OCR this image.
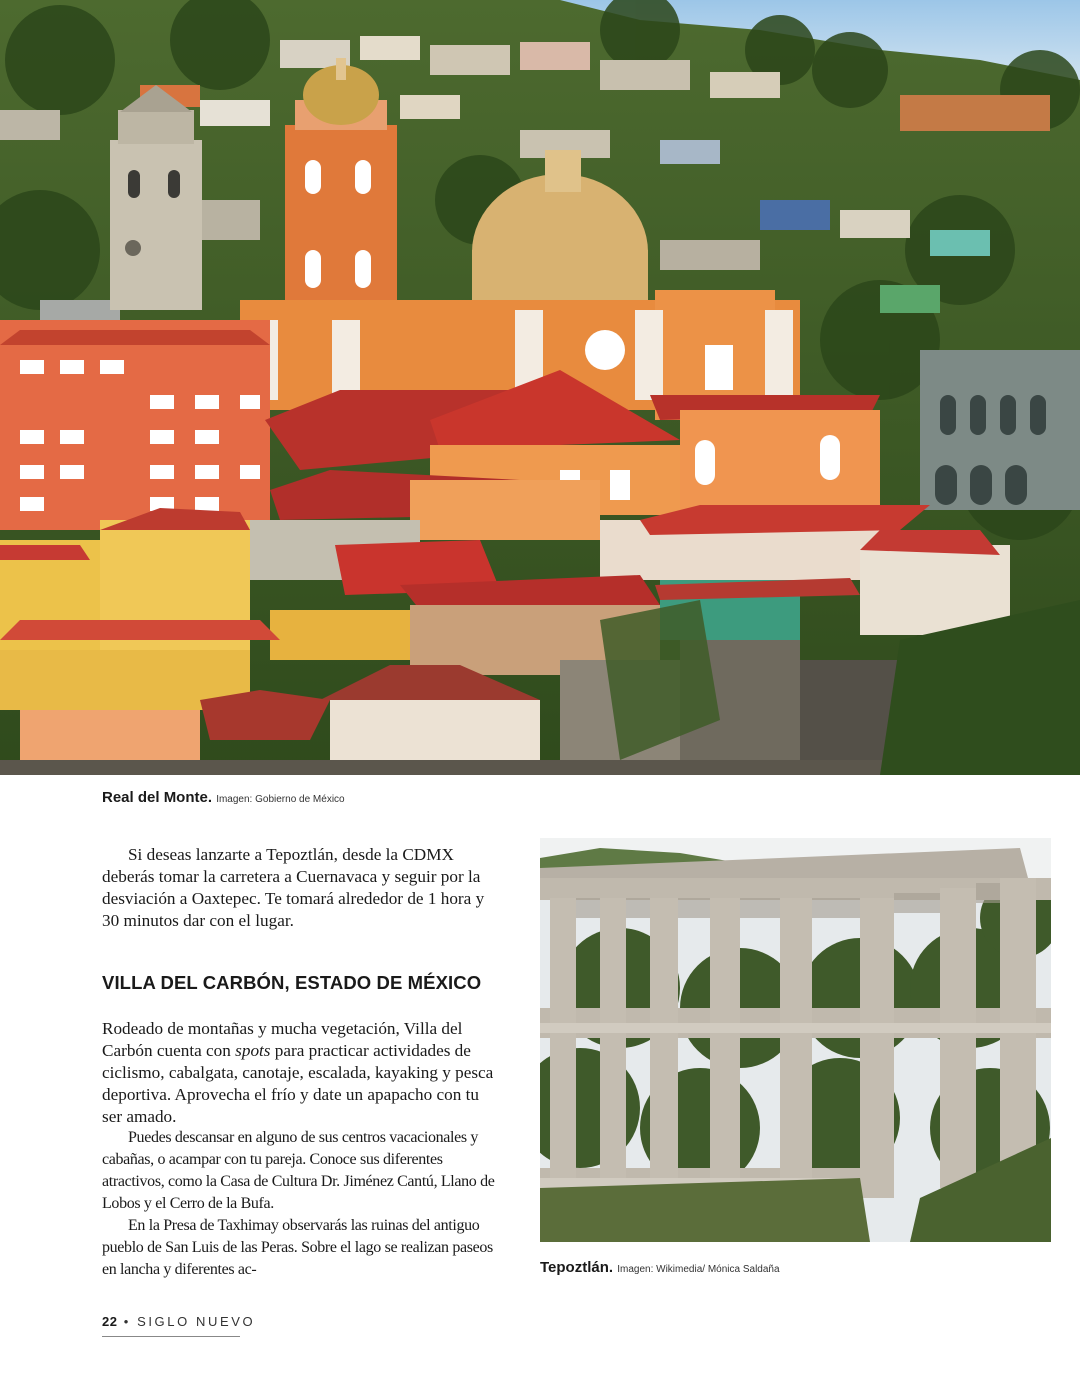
Real del Monte. Imagen: Gobierno de México

Si deseas lanzarte a Tepoztlán, desde la CDMX deberás tomar la carretera a Cuernavaca y seguir por la desviación a Oaxtepec. Te tomará alrededor de 1 hora y 30 minutos dar con el lugar.

VILLA DEL CARBÓN, ESTADO DE MÉXICO

Rodeado de montañas y mucha vegetación, Villa del Carbón cuenta con spots para practicar actividades de ciclismo, cabalgata, canotaje, escalada, kayaking y pesca deportiva. Aprovecha el frío y date un apapacho con tu ser amado.

Puedes descansar en alguno de sus centros vacacionales y cabañas, o acampar con tu pareja. Conoce sus diferentes atractivos, como la Casa de Cultura Dr. Jiménez Cantú, Llano de Lobos y el Cerro de la Bufa.

En la Presa de Taxhimay observarás las ruinas del antiguo pueblo de San Luis de las Peras. Sobre el lago se realizan paseos en lancha y diferentes ac-	Tepoztlán. Imagen: Wikimedia/ Mónica Saldaña
22 • SIGLO NUEVO
